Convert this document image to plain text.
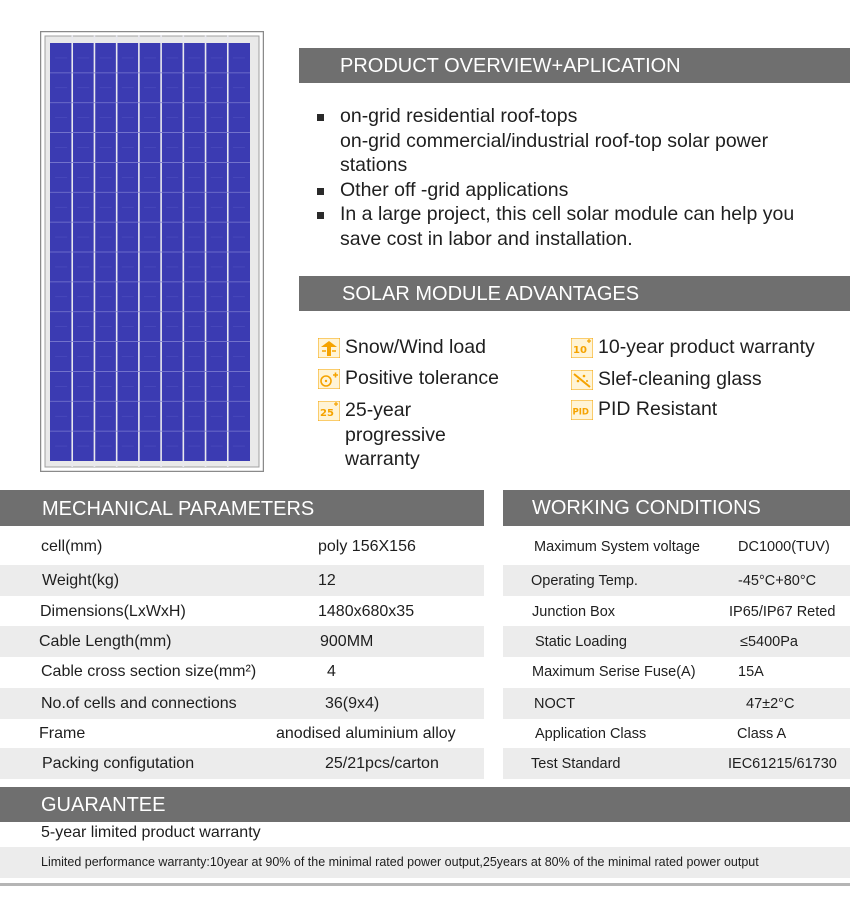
PRODUCT OVERVIEW+APLICATION
on-grid residential roof-tops
on-grid commercial/industrial roof-top solar power
stations
Other off -grid applications
In a large project, this cell solar module can help you
save cost in labor and installation.
SOLAR MODULE ADVANTAGES
Snow/Wind load
Positive tolerance
25 25-year progressive
warranty
10 10-year product warranty
Slef-cleaning glass
PID PID Resistant
MECHANICAL PARAMETERS
cell(mm)	poly 156X156
Weight(kg)	12
Dimensions(LxWxH)	1480x680x35
Cable Length(mm)	900MM
Cable cross section size(mm²)	4
No.of cells and connections	36(9x4)
Frame	anodised aluminium alloy
Packing configutation	25/21pcs/carton
WORKING CONDITIONS
Maximum System voltage	DC1000(TUV)
Operating Temp.	-45°C+80°C
Junction Box	IP65/IP67 Reted
Static Loading	≤5400Pa
Maximum Serise Fuse(A)	15A
NOCT	47±2°C
Application Class	Class A
Test Standard	IEC61215/61730
GUARANTEE
5-year limited product warranty
Limited performance warranty:10year at 90% of the minimal rated power output,25years at 80% of the minimal rated power output
